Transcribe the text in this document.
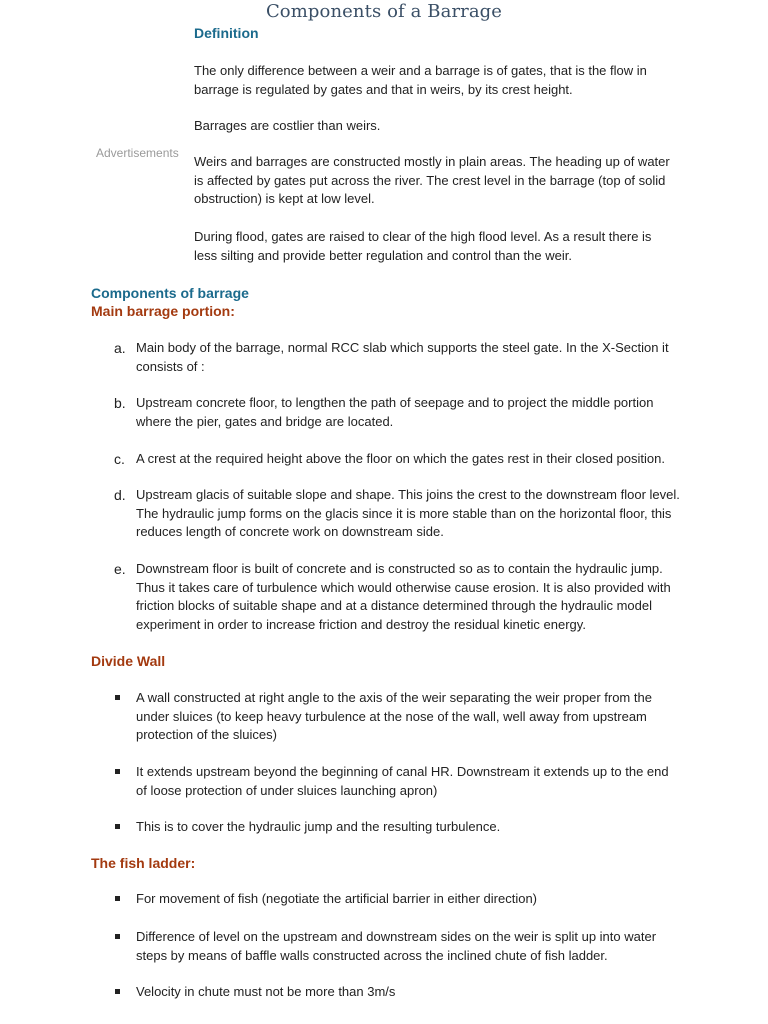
Components of a Barrage
Advertisements
Definition

The only difference between a weir and a barrage is of gates, that is the flow in barrage is regulated by gates and that in weirs, by its crest height.

Barrages are costlier than weirs.

Weirs and barrages are constructed mostly in plain areas. The heading up of water is affected by gates put across the river. The crest level in the barrage (top of solid obstruction) is kept at low level.

During flood, gates are raised to clear of the high flood level. As a result there is less silting and provide better regulation and control than the weir.

Components of barrage
Main barrage portion:
a. Main body of the barrage, normal RCC slab which supports the steel gate. In the X-Section it consists of :

b. Upstream concrete floor, to lengthen the path of seepage and to project the middle portion where the pier, gates and bridge are located.

c. A crest at the required height above the floor on which the gates rest in their closed position.

d. Upstream glacis of suitable slope and shape. This joins the crest to the downstream floor level. The hydraulic jump forms on the glacis since it is more stable than on the horizontal floor, this reduces length of concrete work on downstream side.

e. Downstream floor is built of concrete and is constructed so as to contain the hydraulic jump. Thus it takes care of turbulence which would otherwise cause erosion. It is also provided with friction blocks of suitable shape and at a distance determined through the hydraulic model experiment in order to increase friction and destroy the residual kinetic energy.

Divide Wall

A wall constructed at right angle to the axis of the weir separating the weir proper from the under sluices (to keep heavy turbulence at the nose of the wall, well away from upstream protection of the sluices)

It extends upstream beyond the beginning of canal HR. Downstream it extends up to the end of loose protection of under sluices launching apron)

This is to cover the hydraulic jump and the resulting turbulence.

The fish ladder:

For movement of fish (negotiate the artificial barrier in either direction)

Difference of level on the upstream and downstream sides on the weir is split up into water steps by means of baffle walls constructed across the inclined chute of fish ladder.

Velocity in chute must not be more than 3m/s
